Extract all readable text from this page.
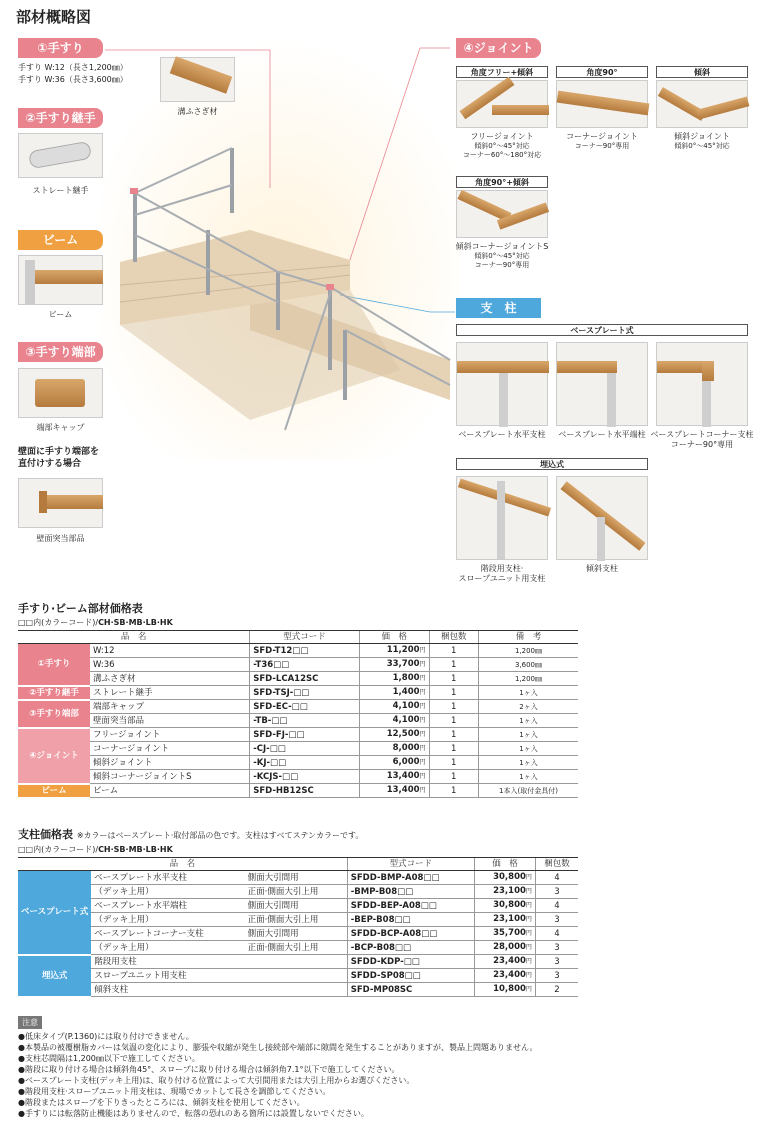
部材概略図
①手すり
手すり W:12（長さ1,200㎜）
手すり W:36（長さ3,600㎜）
溝ふさぎ材
②手すり継手
ストレート継手
ビーム
ビーム
③手すり端部
端部キャップ
壁面に手すり端部を
直付けする場合
壁面突当部品
④ジョイント
角度フリー+傾斜	角度90°	傾斜
フリージョイント
傾斜0°～45°対応
コーナー60°～180°対応
コーナージョイント
コーナー90°専用
傾斜ジョイント
傾斜0°～45°対応
角度90°+傾斜
傾斜コーナージョイントS
傾斜0°～45°対応
コーナー90°専用
支　柱
ベースプレート式
ベースプレート水平支柱	ベースプレート水平端柱 ベースプレートコーナー支柱
コーナー90°専用
埋込式
階段用支柱·
スロープユニット用支柱
傾斜支柱
手すり·ビーム部材価格表
□□内(カラーコード)/CH·SB·MB·LB·HK
品　名		型式コード	価　格	梱包数	備　考
①手すり	W:12	SFD-T12□□	11,200円	1	1,200㎜
	W:36	-T36□□	33,700円	1	3,600㎜
	溝ふさぎ材	SFD-LCA12SC	1,800円	1	1,200㎜
②手すり継手	ストレート継手	SFD-TSJ-□□	1,400円	1	1ヶ入
③手すり端部	端部キャップ	SFD-EC-□□	4,100円	1	2ヶ入
	壁面突当部品	-TB-□□	4,100円	1	1ヶ入
④ジョイント	フリージョイント	SFD-FJ-□□	12,500円	1	1ヶ入
	コーナージョイント	-CJ-□□	8,000円	1	1ヶ入
	傾斜ジョイント	-KJ-□□	6,000円	1	1ヶ入
	傾斜コーナージョイントS	-KCJS-□□	13,400円	1	1ヶ入
ビーム	ビーム	SFD-HB12SC	13,400円	1	1本入(取付金具付)
支柱価格表 ※カラーはベースプレート·取付部品の色です。支柱はすべてステンカラーです。
□□内(カラーコード)/CH·SB·MB·LB·HK
品　名			型式コード	価　格	梱包数
ベースプレート式	ベースプレート水平支柱	側面大引間用	SFDD-BMP-A08□□	30,800円	4
	（デッキ上用）	正面·側面大引上用	-BMP-B08□□	23,100円	3
	ベースプレート水平端柱	側面大引間用	SFDD-BEP-A08□□	30,800円	4
	（デッキ上用）	正面·側面大引上用	-BEP-B08□□	23,100円	3
	ベースプレートコーナー支柱	側面大引間用	SFDD-BCP-A08□□	35,700円	4
	（デッキ上用）	正面·側面大引上用	-BCP-B08□□	28,000円	3
埋込式	階段用支柱		SFDD-KDP-□□	23,400円	3
	スロープユニット用支柱		SFDD-SP08□□	23,400円	3
	傾斜支柱		SFD-MP08SC	10,800円	2
注意
●低床タイプ(P.1360)には取り付けできません。
●本製品の被覆樹脂カバーは気温の変化により、膨張や収縮が発生し接続部や端部に隙間を発生することがありますが、製品上問題ありません。
●支柱芯間隔は1,200㎜以下で施工してください。
●階段に取り付ける場合は傾斜角45°、スロープに取り付ける場合は傾斜角7.1°以下で施工してください。
●ベースプレート支柱(デッキ上用)は、取り付ける位置によって大引間用または大引上用からお選びください。
●階段用支柱·スロープユニット用支柱は、現場でカットして長さを調節してください。
●階段またはスロープを下りきったところには、傾斜支柱を使用してください。
●手すりには転落防止機能はありませんので、転落の恐れのある箇所には設置しないでください。
